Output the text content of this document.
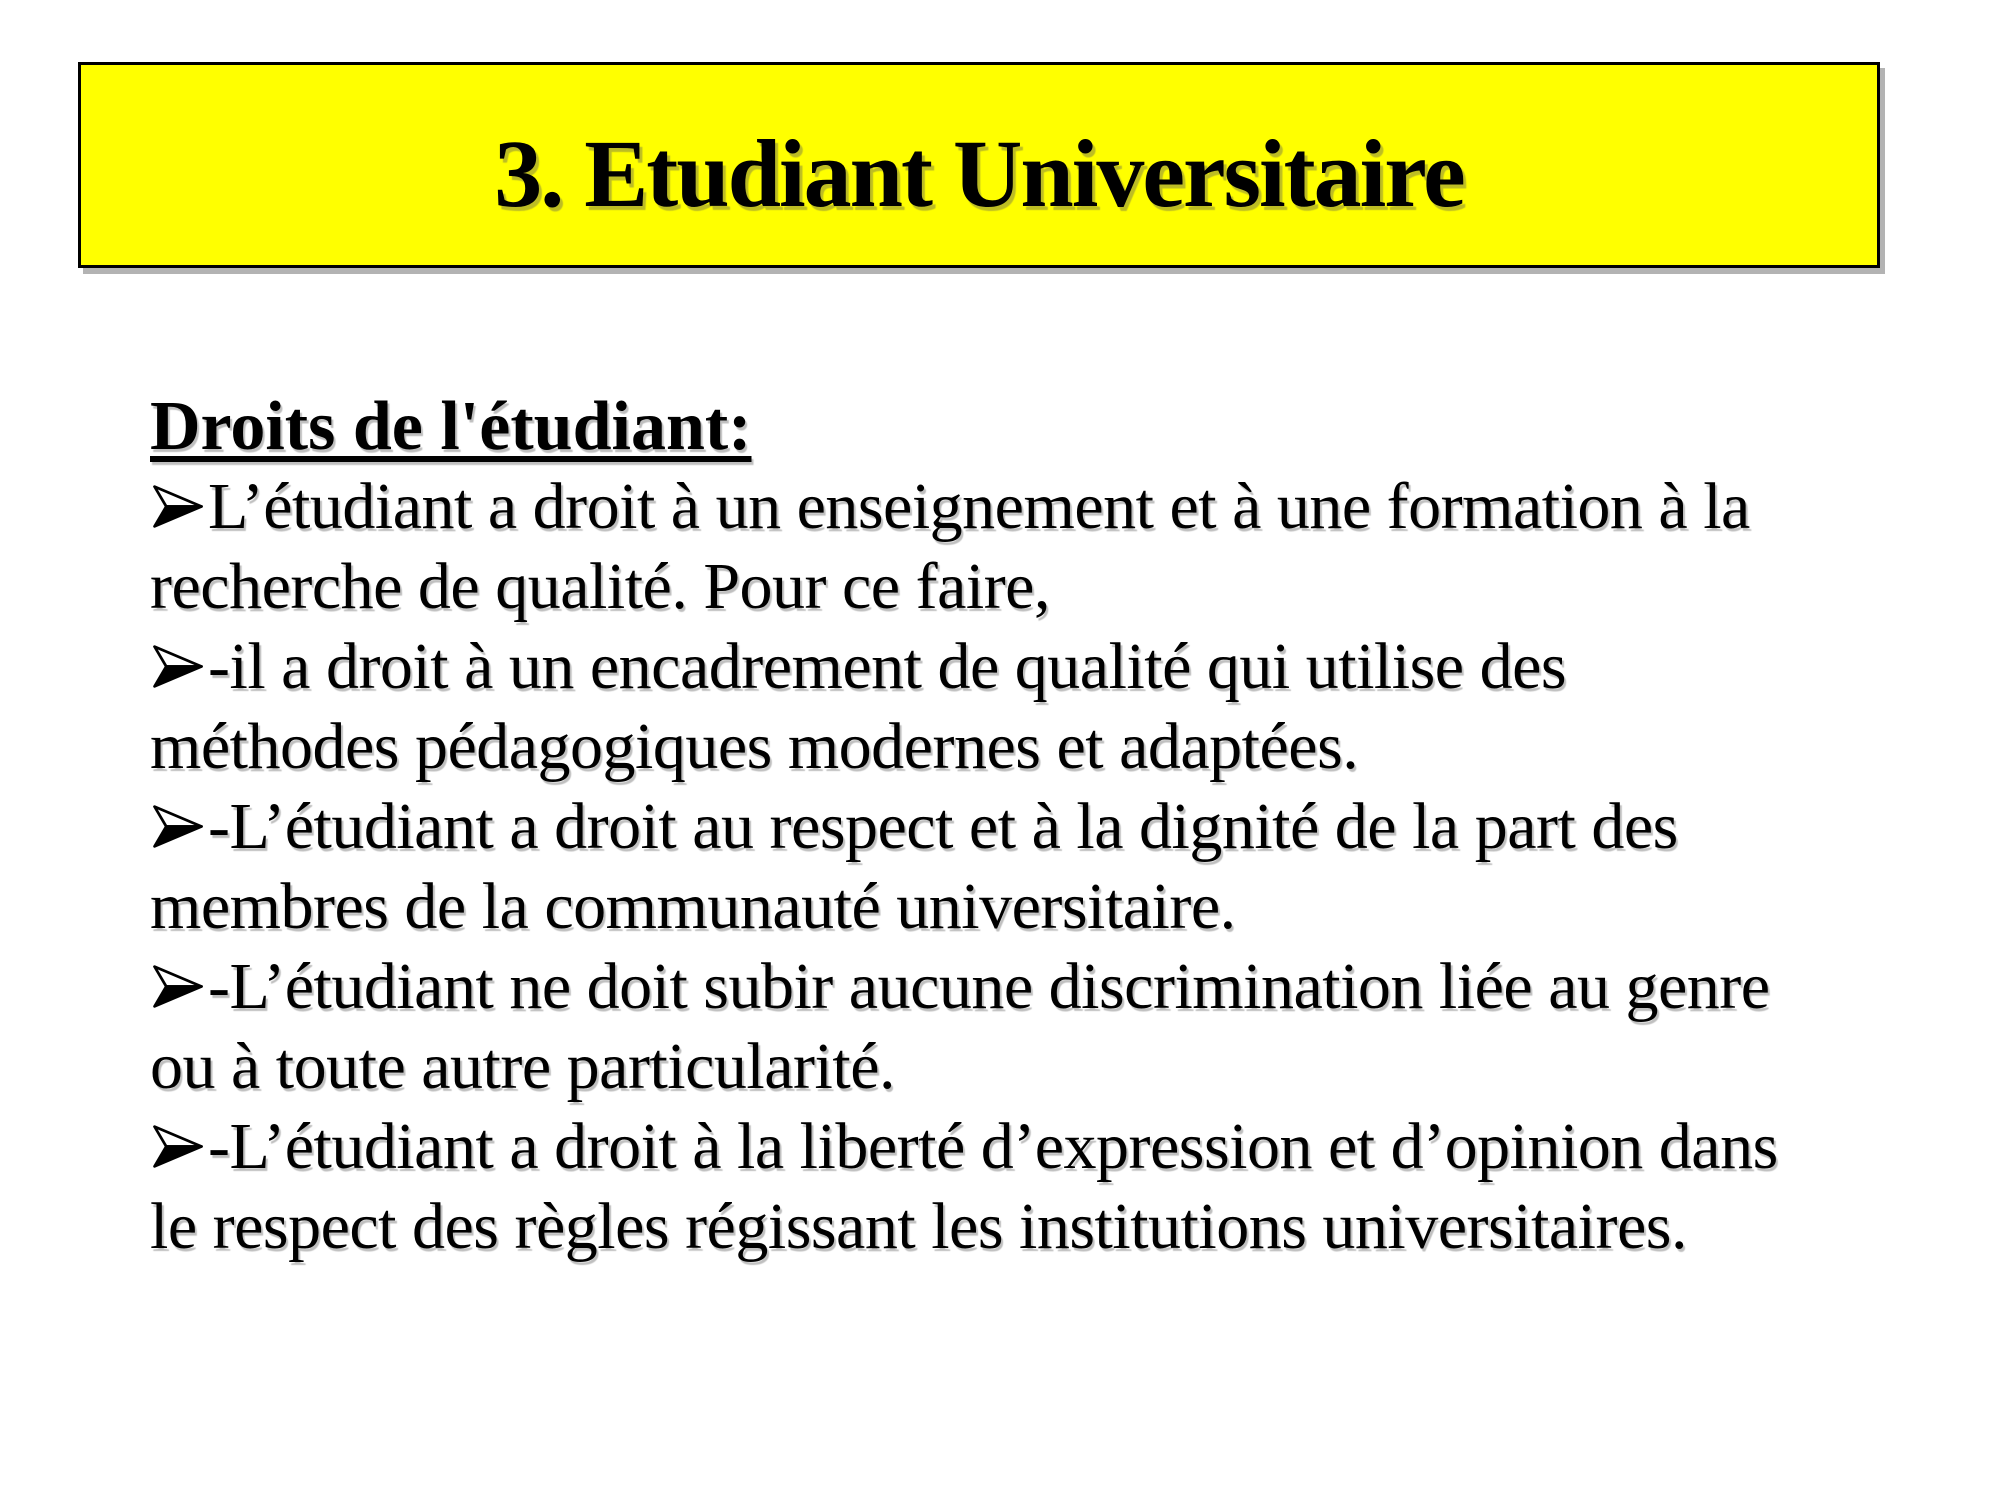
3. Etudiant Universitaire
Droits de l'étudiant:
L’étudiant a droit à un enseignement et à une formation à la
recherche de qualité. Pour ce faire,
-il a droit à un encadrement de qualité qui utilise des
méthodes pédagogiques modernes et adaptées.
-L’étudiant a droit au respect et à la dignité de la part des
membres de la communauté universitaire.
-L’étudiant ne doit subir aucune discrimination liée au genre
ou à toute autre particularité.
-L’étudiant a droit à la liberté d’expression et d’opinion dans
le respect des règles régissant les institutions universitaires.
